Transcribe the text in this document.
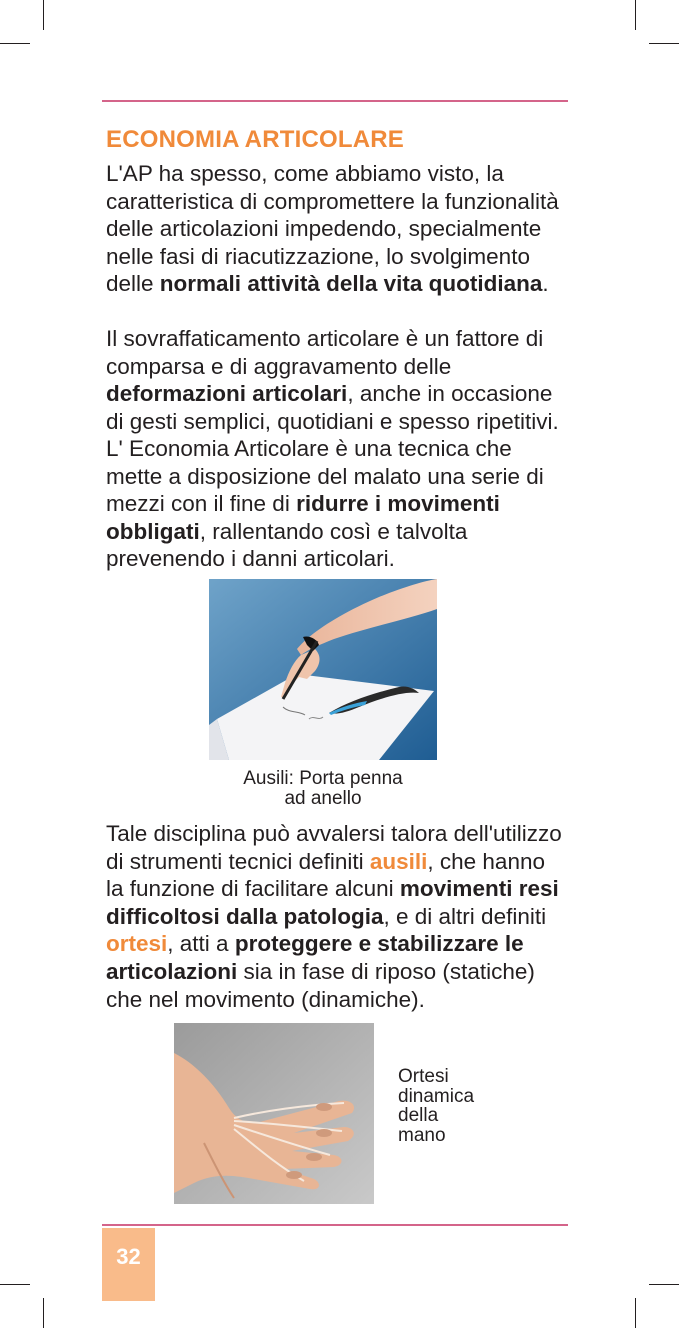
ECONOMIA ARTICOLARE

L'AP ha spesso, come abbiamo visto, la caratteristica di compromettere la funzionalità delle articolazioni impedendo, specialmente nelle fasi di riacutizzazione, lo svolgimento delle normali attività della vita quotidiana.

Il sovraffaticamento articolare è un fattore di comparsa e di aggravamento delle deformazioni articolari, anche in occasione di gesti semplici, quotidiani e spesso ripetitivi.

L' Economia Articolare è una tecnica che mette a disposizione del malato una serie di mezzi con il fine di ridurre i movimenti obbligati, rallentando così e talvolta prevenendo i danni articolari.

Ausili: Porta penna
ad anello

Tale disciplina può avvalersi talora dell'utilizzo di strumenti tecnici definiti ausili, che hanno la funzione di facilitare alcuni movimenti resi difficoltosi dalla patologia, e di altri definiti ortesi, atti a proteggere e stabilizzare le articolazioni sia in fase di riposo (statiche) che nel movimento (dinamiche).

Ortesi
dinamica
della
mano
32
